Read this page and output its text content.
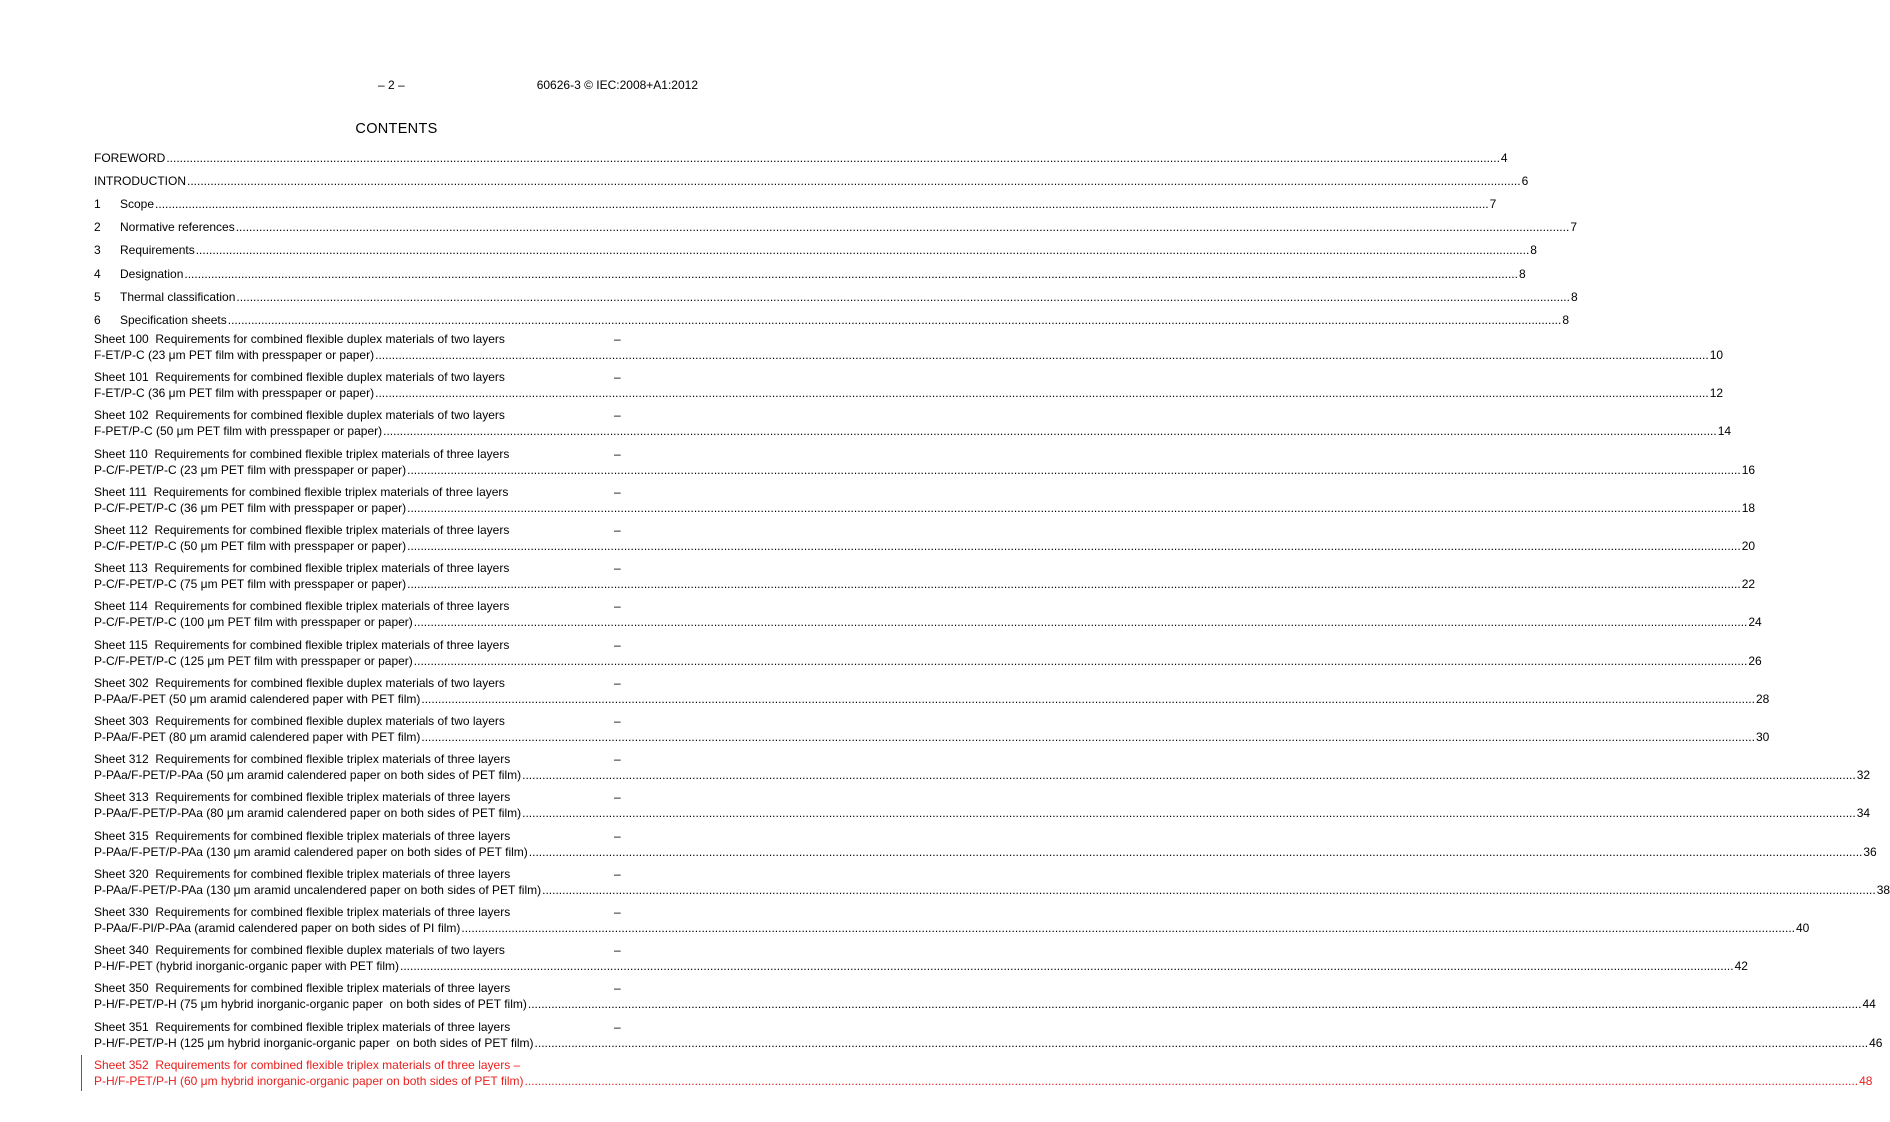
– 2 –	60626-3 © IEC:2008+A1:2012
CONTENTS
FOREWORD ................................................................................................................................................................................................................................................................................................................................................................................................................ 4
INTRODUCTION ................................................................................................................................................................................................................................................................................................................................................................................................................ 6
1 Scope ................................................................................................................................................................................................................................................................................................................................................................................................................ 7
2 Normative references ................................................................................................................................................................................................................................................................................................................................................................................................................ 7
3 Requirements ................................................................................................................................................................................................................................................................................................................................................................................................................ 8
4 Designation ................................................................................................................................................................................................................................................................................................................................................................................................................ 8
5 Thermal classification ................................................................................................................................................................................................................................................................................................................................................................................................................ 8
6 Specification sheets ................................................................................................................................................................................................................................................................................................................................................................................................................ 8
Sheet 100  Requirements for combined flexible duplex materials of two layers	–
F-ET/P-C (23 μm PET film with presspaper or paper) ................................................................................................................................................................................................................................................................................................................................................................................................................ 10
Sheet 101  Requirements for combined flexible duplex materials of two layers	–
F-ET/P-C (36 μm PET film with presspaper or paper) ................................................................................................................................................................................................................................................................................................................................................................................................................ 12
Sheet 102  Requirements for combined flexible duplex materials of two layers	–
F-PET/P-C (50 μm PET film with presspaper or paper) ................................................................................................................................................................................................................................................................................................................................................................................................................ 14
Sheet 110  Requirements for combined flexible triplex materials of three layers	–
P-C/F-PET/P-C (23 μm PET film with presspaper or paper) ................................................................................................................................................................................................................................................................................................................................................................................................................ 16
Sheet 111  Requirements for combined flexible triplex materials of three layers	–
P-C/F-PET/P-C (36 μm PET film with presspaper or paper) ................................................................................................................................................................................................................................................................................................................................................................................................................ 18
Sheet 112  Requirements for combined flexible triplex materials of three layers	–
P-C/F-PET/P-C (50 μm PET film with presspaper or paper) ................................................................................................................................................................................................................................................................................................................................................................................................................ 20
Sheet 113  Requirements for combined flexible triplex materials of three layers	–
P-C/F-PET/P-C (75 μm PET film with presspaper or paper) ................................................................................................................................................................................................................................................................................................................................................................................................................ 22
Sheet 114  Requirements for combined flexible triplex materials of three layers	–
P-C/F-PET/P-C (100 μm PET film with presspaper or paper) ................................................................................................................................................................................................................................................................................................................................................................................................................ 24
Sheet 115  Requirements for combined flexible triplex materials of three layers	–
P-C/F-PET/P-C (125 μm PET film with presspaper or paper) ................................................................................................................................................................................................................................................................................................................................................................................................................ 26
Sheet 302  Requirements for combined flexible duplex materials of two layers	–
P-PAa/F-PET (50 μm aramid calendered paper with PET film) ................................................................................................................................................................................................................................................................................................................................................................................................................ 28
Sheet 303  Requirements for combined flexible duplex materials of two layers	–
P-PAa/F-PET (80 μm aramid calendered paper with PET film) ................................................................................................................................................................................................................................................................................................................................................................................................................ 30
Sheet 312  Requirements for combined flexible triplex materials of three layers	–
P-PAa/F-PET/P-PAa (50 μm aramid calendered paper on both sides of PET film) ................................................................................................................................................................................................................................................................................................................................................................................................................ 32
Sheet 313  Requirements for combined flexible triplex materials of three layers	–
P-PAa/F-PET/P-PAa (80 μm aramid calendered paper on both sides of PET film) ................................................................................................................................................................................................................................................................................................................................................................................................................ 34
Sheet 315  Requirements for combined flexible triplex materials of three layers	–
P-PAa/F-PET/P-PAa (130 μm aramid calendered paper on both sides of PET film) ................................................................................................................................................................................................................................................................................................................................................................................................................ 36
Sheet 320  Requirements for combined flexible triplex materials of three layers	–
P-PAa/F-PET/P-PAa (130 μm aramid uncalendered paper on both sides of PET film) ................................................................................................................................................................................................................................................................................................................................................................................................................ 38
Sheet 330  Requirements for combined flexible triplex materials of three layers	–
P-PAa/F-PI/P-PAa (aramid calendered paper on both sides of PI film) ................................................................................................................................................................................................................................................................................................................................................................................................................ 40
Sheet 340  Requirements for combined flexible duplex materials of two layers	–
P-H/F-PET (hybrid inorganic-organic paper with PET film) ................................................................................................................................................................................................................................................................................................................................................................................................................ 42
Sheet 350  Requirements for combined flexible triplex materials of three layers	–
P-H/F-PET/P-H (75 μm hybrid inorganic-organic paper  on both sides of PET film) ................................................................................................................................................................................................................................................................................................................................................................................................................ 44
Sheet 351  Requirements for combined flexible triplex materials of three layers	–
P-H/F-PET/P-H (125 μm hybrid inorganic-organic paper  on both sides of PET film) ................................................................................................................................................................................................................................................................................................................................................................................................................ 46
Sheet 352  Requirements for combined flexible triplex materials of three layers –
P-H/F-PET/P-H (60 μm hybrid inorganic-organic paper on both sides of PET film) ................................................................................................................................................................................................................................................................................................................................................................................................................ 48
